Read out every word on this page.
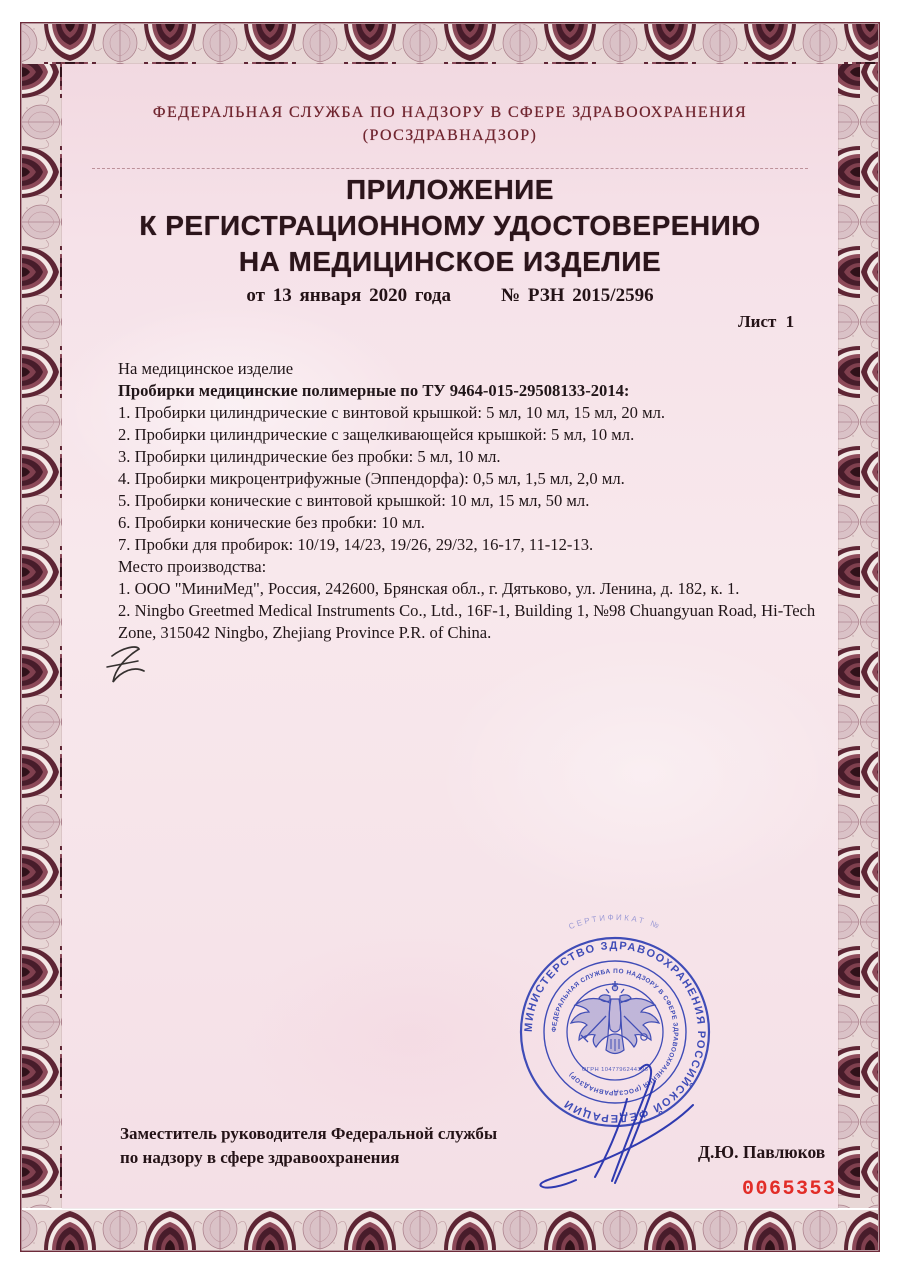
ФЕДЕРАЛЬНАЯ СЛУЖБА ПО НАДЗОРУ В СФЕРЕ ЗДРАВООХРАНЕНИЯ
(РОСЗДРАВНАДЗОР)
ПРИЛОЖЕНИЕ
К РЕГИСТРАЦИОННОМУ УДОСТОВЕРЕНИЮ
НА МЕДИЦИНСКОЕ ИЗДЕЛИЕ
от 13 января 2020 года	№ РЗН 2015/2596
Лист 1
На медицинское изделие
Пробирки медицинские полимерные по ТУ 9464-015-29508133-2014:
1. Пробирки цилиндрические с винтовой крышкой: 5 мл, 10 мл, 15 мл, 20 мл.
2. Пробирки цилиндрические с защелкивающейся крышкой: 5 мл, 10 мл.
3. Пробирки цилиндрические без пробки: 5 мл, 10 мл.
4. Пробирки микроцентрифужные (Эппендорфа): 0,5 мл, 1,5 мл, 2,0 мл.
5. Пробирки конические с винтовой крышкой: 10 мл, 15 мл, 50 мл.
6. Пробирки конические без пробки: 10 мл.
7. Пробки для пробирок: 10/19, 14/23, 19/26, 29/32, 16-17, 11-12-13.
Место производства:
1. ООО "МиниМед", Россия, 242600, Брянская обл., г. Дятьково, ул. Ленина, д. 182, к. 1.
2. Ningbo Greetmed Medical Instruments Co., Ltd., 16F-1, Building 1, №98 Chuangyuan Road, Hi-Tech Zone, 315042 Ningbo, Zhejiang Province P.R. of China.
СЕРТИФИКАТ №
МИНИСТЕРСТВО ЗДРАВООХРАНЕНИЯ РОССИЙСКОЙ ФЕДЕРАЦИИ
ФЕДЕРАЛЬНАЯ СЛУЖБА ПО НАДЗОРУ В СФЕРЕ ЗДРАВООХРАНЕНИЯ (РОСЗДРАВНАДЗОР)
ОГРН 1047796244396
Заместитель руководителя Федеральной службы
по надзору в сфере здравоохранения	Д.Ю. Павлюков
0065353
